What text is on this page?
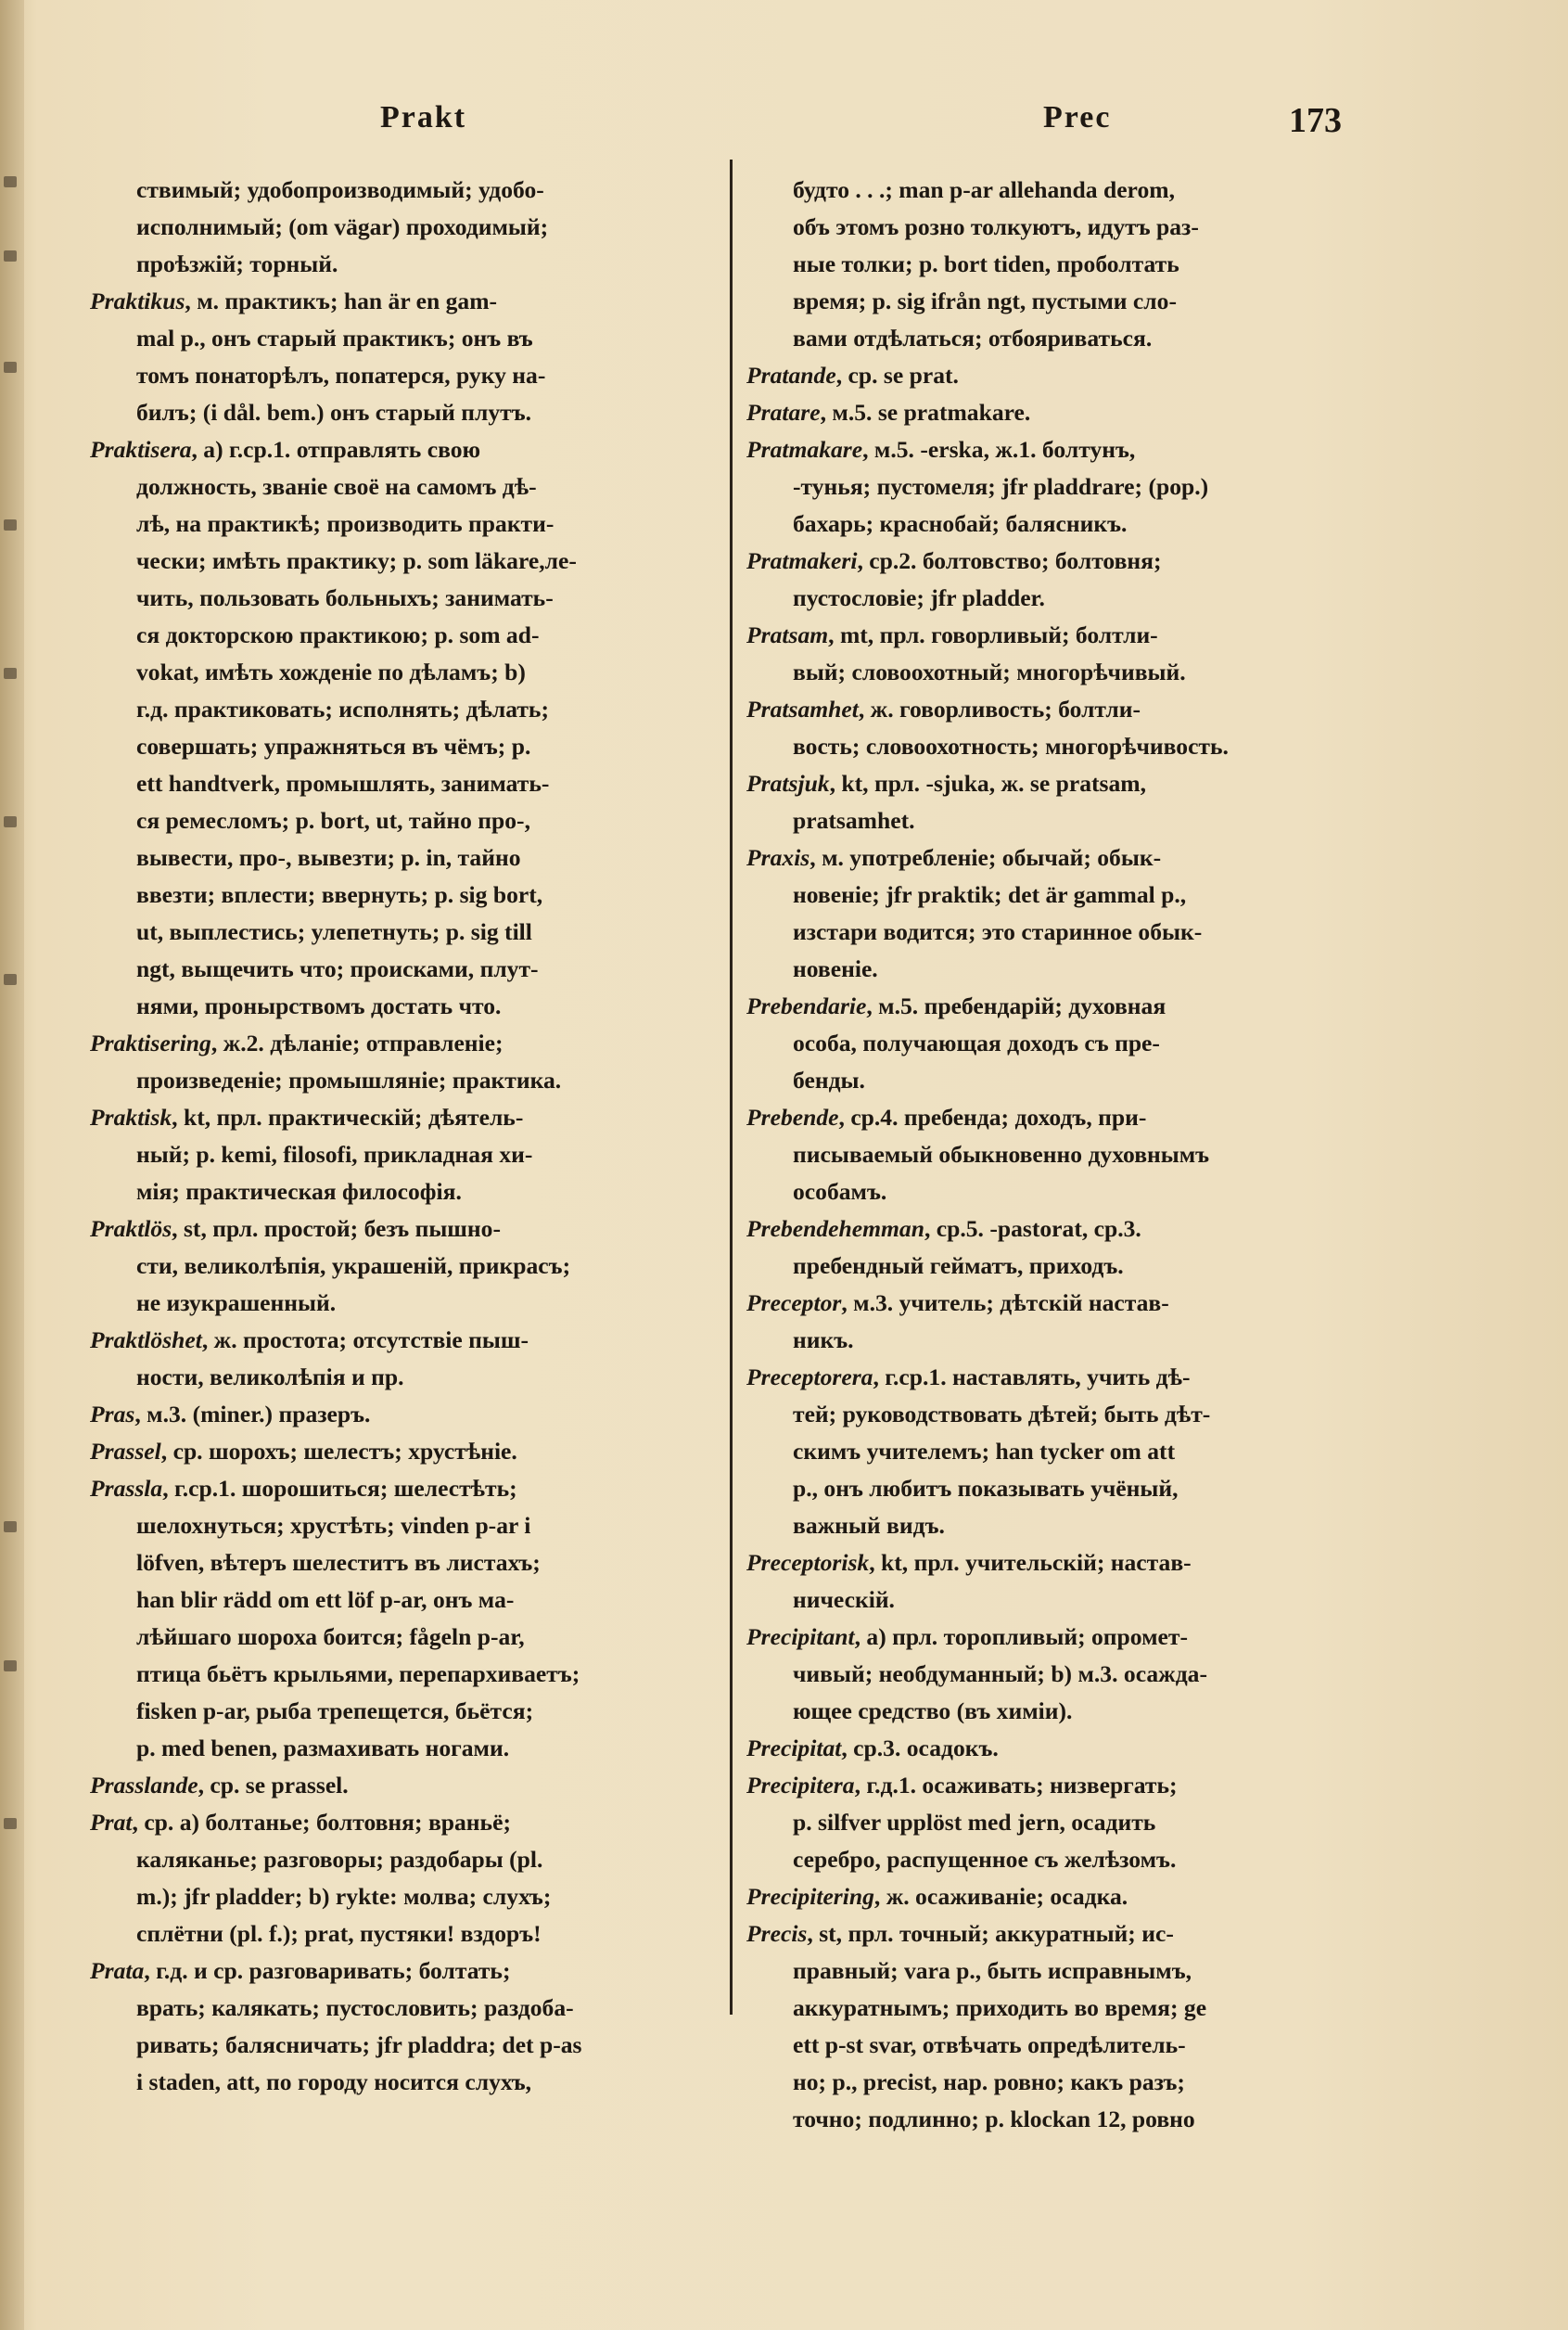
Prakt	Prec	173
ствимый; удобопроизводимый; удобо-
исполнимый; (om vägar) проходимый;
проѣзжій; торный.
Praktikus, м. практикъ; han är en gam-
mal p., онъ старый практикъ; онъ въ
томъ понаторѣлъ, попатерся, руку на-
билъ; (i dål. bem.) онъ старый плутъ.
Praktisera, a) г.ср.1. отправлять свою
должность, званіе своё на самомъ дѣ-
лѣ, на практикѣ; производить практи-
чески; имѣть практику; p. som läkare,ле-
чить, пользовать больныхъ; занимать-
ся докторскою практикою; p. som ad-
vokat, имѣть хожденіе по дѣламъ; b)
г.д. практиковать; исполнять; дѣлать;
совершать; упражняться въ чёмъ; p.
ett handtverk, промышлять, занимать-
ся ремесломъ; p. bort, ut, тайно про-,
вывести, про-, вывезти; p. in, тайно
ввезти; вплести; ввернуть; p. sig bort,
ut, выплестись; улепетнуть; p. sig till
ngt, выщечить что; происками, плут-
нями, проныpствомъ достать что.
Praktisering, ж.2. дѣланіе; отправленіе;
произведеніе; промышляніе; практика.
Praktisk, kt, прл. практическій; дѣятель-
ный; p. kemi, filosofi, прикладная хи-
мія; практическая философія.
Praktlös, st, прл. простой; безъ пышно-
сти, великолѣпія, украшеній, прикрасъ;
не изукрашенный.
Praktlöshet, ж. простота; отсутствіе пыш-
ности, великолѣпія и пр.
Pras, м.3. (miner.) празеръ.
Prassel, ср. шорохъ; шелестъ; хрустѣніе.
Prassla, г.ср.1. шорошиться; шелестѣть;
шелохнуться; хрустѣть; vinden p-ar i
löfven, вѣтеръ шелеститъ въ листахъ;
han blir rädd om ett löf p-ar, онъ ма-
лѣйшаго шороха боится; fågeln p-ar,
птица бьётъ крыльями, перепархиваетъ;
fisken p-ar, рыба трепещется, бьётся;
p. med benen, размахивать ногами.
Prasslande, ср. se prassel.
Prat, ср. a) болтанье; болтовня; враньё;
каляканье; разговоры; раздобары (pl.
m.); jfr pladder; b) rykte: молва; слухъ;
сплётни (pl. f.); prat, пустяки! вздоръ!
Prata, г.д. и ср. разговаривать; болтать;
врать; калякать; пустословить; раздоба-
ривать; балясничать; jfr pladdra; det p-as
i staden, att, по городу носится слухъ,
будто . . .; man p-ar allehanda derom,
объ этомъ розно толкуютъ, идутъ раз-
ные толки; p. bort tiden, проболтать
время; p. sig ifrån ngt, пустыми сло-
вами отдѣлаться; отбояриваться.
Pratande, ср. se prat.
Pratare, м.5. se pratmakare.
Pratmakare, м.5. -erska, ж.1. болтунъ,
-тунья; пустомеля; jfr pladdrare; (pop.)
бахарь; краснобай; балясникъ.
Pratmakeri, ср.2. болтовство; болтовня;
пустословіе; jfr pladder.
Pratsam, mt, прл. говорливый; болтли-
вый; словоохотный; многорѣчивый.
Pratsamhet, ж. говорливость; болтли-
вость; словоохотность; многорѣчивость.
Pratsjuk, kt, прл. -sjuka, ж. se pratsam,
pratsamhet.
Praxis, м. употребленіе; обычай; обык-
новеніе; jfr praktik; det är gammal p.,
изстари водится; это старинное обык-
новеніе.
Prebendarie, м.5. пребендарій; духовная
особа, получающая доходъ съ пре-
бенды.
Prebende, ср.4. пребенда; доходъ, при-
писываемый обыкновенно духовнымъ
особамъ.
Prebendehemman, ср.5. -pastorat, ср.3.
пребендный гейматъ, приходъ.
Preceptor, м.3. учитель; дѣтскій настав-
никъ.
Preceptorera, г.ср.1. наставлять, учить дѣ-
тей; руководствовать дѣтей; быть дѣт-
скимъ учителемъ; han tycker om att
p., онъ любитъ показывать учёный,
важный видъ.
Preceptorisk, kt, прл. учительскій; настав-
ническій.
Precipitant, a) прл. торопливый; опромет-
чивый; необдуманный; b) м.3. осажда-
ющее средство (въ химіи).
Precipitat, ср.3. осадокъ.
Precipitera, г.д.1. осаживать; низвергать;
p. silfver upplöst med jern, осадить
серебро, распущенное съ желѣзомъ.
Precipitering, ж. осаживаніе; осадка.
Precis, st, прл. точный; аккуратный; ис-
правный; vara p., быть исправнымъ,
аккуратнымъ; приходить во время; ge
ett p-st svar, отвѣчать опредѣлитель-
но; p., precist, нар. ровно; какъ разъ;
точно; подлинно; p. klockan 12, ровно
